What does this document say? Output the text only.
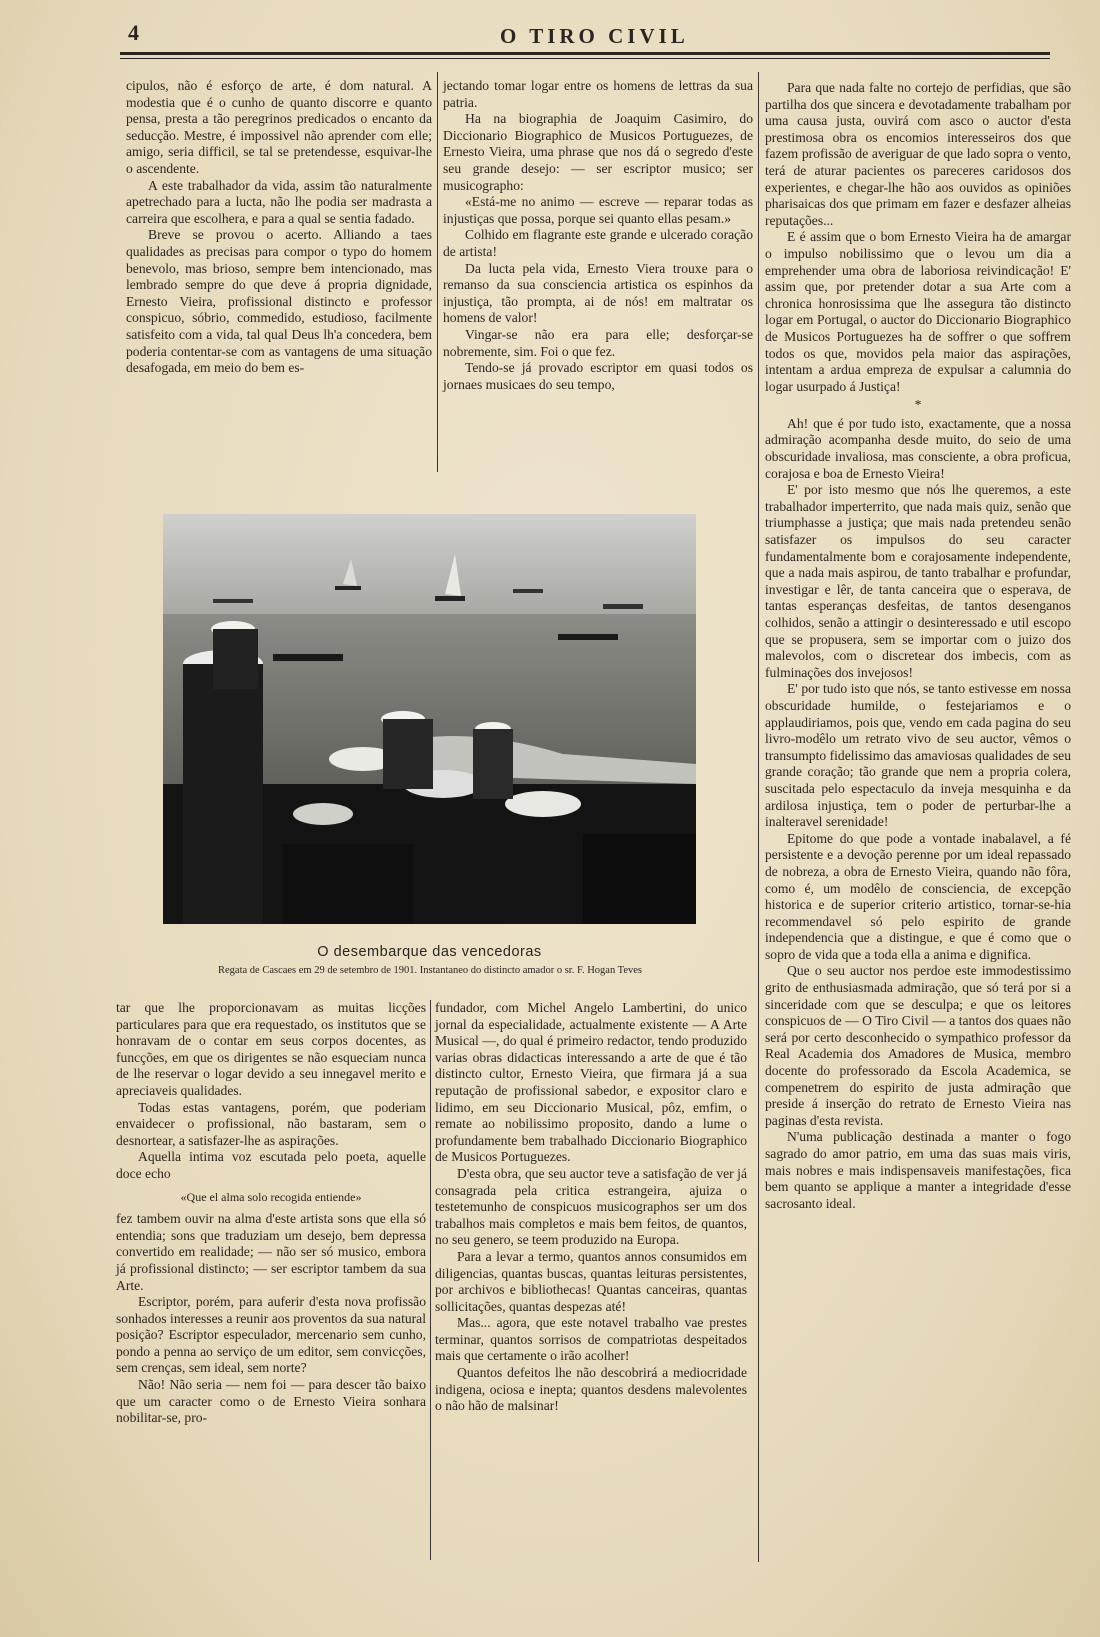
4	O TIRO CIVIL

cipulos, não é esforço de arte, é dom natural. A modestia que é o cunho de quanto discorre e quanto pensa, presta a tão peregrinos predicados o encanto da seducção. Mestre, é impossivel não aprender com elle; amigo, seria difficil, se tal se pretendesse, esquivar-lhe o ascendente.

A este trabalhador da vida, assim tão naturalmente apetrechado para a lucta, não lhe podia ser madrasta a carreira que escolhera, e para a qual se sentia fadado.

Breve se provou o acerto. Alliando a taes qualidades as precisas para compor o typo do homem benevolo, mas brioso, sempre bem intencionado, mas lembrado sempre do que deve á propria dignidade, Ernesto Vieira, profissional distincto e professor conspicuo, sóbrio, commedido, estudioso, facilmente satisfeito com a vida, tal qual Deus lh'a concedera, bem poderia contentar-se com as vantagens de uma situação desafogada, em meio do bem es-

jectando tomar logar entre os homens de lettras da sua patria.

Ha na biographia de Joaquim Casimiro, do Diccionario Biographico de Musicos Portuguezes, de Ernesto Vieira, uma phrase que nos dá o segredo d'este seu grande desejo: — ser escriptor musico; ser musicographo:

«Está-me no animo — escreve — reparar todas as injustiças que possa, porque sei quanto ellas pesam.»

Colhido em flagrante este grande e ulcerado coração de artista!

Da lucta pela vida, Ernesto Viera trouxe para o remanso da sua consciencia artistica os espinhos da injustiça, tão prompta, ai de nós! em maltratar os homens de valor!

Vingar-se não era para elle; desforçar-se nobremente, sim. Foi o que fez.

Tendo-se já provado escriptor em quasi todos os jornaes musicaes do seu tempo,

Para que nada falte no cortejo de perfidias, que são partilha dos que sincera e devotadamente trabalham por uma causa justa, ouvirá com asco o auctor d'esta prestimosa obra os encomios interesseiros dos que fazem profissão de averiguar de que lado sopra o vento, terá de aturar pacientes os pareceres caridosos dos experientes, e chegar-lhe hão aos ouvidos as opiniões pharisaicas dos que primam em fazer e desfazer alheias reputações...

E é assim que o bom Ernesto Vieira ha de amargar o impulso nobilissimo que o levou um dia a emprehender uma obra de laboriosa reivindicação! E' assim que, por pretender dotar a sua Arte com a chronica honrosissima que lhe assegura tão distincto logar em Portugal, o auctor do Diccionario Biographico de Musicos Portuguezes ha de soffrer o que soffrem todos os que, movidos pela maior das aspirações, intentam a ardua empreza de expulsar a calumnia do logar usurpado á Justiça!

*

Ah! que é por tudo isto, exactamente, que a nossa admiração acompanha desde muito, do seio de uma obscuridade invaliosa, mas consciente, a obra proficua, corajosa e boa de Ernesto Vieira!

E' por isto mesmo que nós lhe queremos, a este trabalhador imperterrito, que nada mais quiz, senão que triumphasse a justiça; que mais nada pretendeu senão satisfazer os impulsos do seu caracter fundamentalmente bom e corajosamente independente, que a nada mais aspirou, de tanto trabalhar e profundar, investigar e lêr, de tanta canceira que o esperava, de tantas esperanças desfeitas, de tantos desenganos colhidos, senão a attingir o desinteressado e util escopo que se propusera, sem se importar com o juizo dos malevolos, com o discretear dos imbecis, com as fulminações dos invejosos!

E' por tudo isto que nós, se tanto estivesse em nossa obscuridade humilde, o festejariamos e o applaudiriamos, pois que, vendo em cada pagina do seu livro-modêlo um retrato vivo de seu auctor, vêmos o transumpto fidelissimo das amaviosas qualidades de seu grande coração; tão grande que nem a propria colera, suscitada pelo espectaculo da inveja mesquinha e da ardilosa injustiça, tem o poder de perturbar-lhe a inalteravel serenidade!

Epitome do que pode a vontade inabalavel, a fé persistente e a devoção perenne por um ideal repassado de nobreza, a obra de Ernesto Vieira, quando não fôra, como é, um modêlo de consciencia, de excepção historica e de superior criterio artistico, tornar-se-hia recommendavel só pelo espirito de grande independencia que a distingue, e que é como que o sopro de vida que a toda ella a anima e dignifica.

Que o seu auctor nos perdoe este immodestissimo grito de enthusiasmada admiração, que só terá por si a sinceridade com que se desculpa; e que os leitores conspicuos de — O Tiro Civil — a tantos dos quaes não será por certo desconhecido o sympathico professor da Real Academia dos Amadores de Musica, membro docente do professorado da Escola Academica, se compenetrem do espirito de justa admiração que preside á inserção do retrato de Ernesto Vieira nas paginas d'esta revista.

N'uma publicação destinada a manter o fogo sagrado do amor patrio, em uma das suas mais viris, mais nobres e mais indispensaveis manifestações, fica bem quanto se applique a manter a integridade d'esse sacrosanto ideal.

O desembarque das vencedoras
Regata de Cascaes em 29 de setembro de 1901. Instantaneo do distincto amador o sr. F. Hogan Teves

tar que lhe proporcionavam as muitas licções particulares para que era requestado, os institutos que se honravam de o contar em seus corpos docentes, as funcções, em que os dirigentes se não esqueciam nunca de lhe reservar o logar devido a seu innegavel merito e apreciaveis qualidades.

Todas estas vantagens, porém, que poderiam envaidecer o profissional, não bastaram, sem o desnortear, a satisfazer-lhe as aspirações.

Aquella intima voz escutada pelo poeta, aquelle doce echo

«Que el alma solo recogida entiende»

fez tambem ouvir na alma d'este artista sons que ella só entendia; sons que traduziam um desejo, bem depressa convertido em realidade; — não ser só musico, embora já profissional distincto; — ser escriptor tambem da sua Arte.

Escriptor, porém, para auferir d'esta nova profissão sonhados interesses a reunir aos proventos da sua natural posição? Escriptor especulador, mercenario sem cunho, pondo a penna ao serviço de um editor, sem convicções, sem crenças, sem ideal, sem norte?

Não! Não seria — nem foi — para descer tão baixo que um caracter como o de Ernesto Vieira sonhara nobilitar-se, pro-

fundador, com Michel Angelo Lambertini, do unico jornal da especialidade, actualmente existente — A Arte Musical —, do qual é primeiro redactor, tendo produzido varias obras didacticas interessando a arte de que é tão distincto cultor, Ernesto Vieira, que firmara já a sua reputação de profissional sabedor, e expositor claro e lidimo, em seu Diccionario Musical, pôz, emfim, o remate ao nobilissimo proposito, dando a lume o profundamente bem trabalhado Diccionario Biographico de Musicos Portuguezes.

D'esta obra, que seu auctor teve a satisfação de ver já consagrada pela critica estrangeira, ajuiza o testetemunho de conspicuos musicographos ser um dos trabalhos mais completos e mais bem feitos, de quantos, no seu genero, se teem produzido na Europa.

Para a levar a termo, quantos annos consumidos em diligencias, quantas buscas, quantas leituras persistentes, por archivos e bibliothecas! Quantas canceiras, quantas sollicitações, quantas despezas até!

Mas... agora, que este notavel trabalho vae prestes terminar, quantos sorrisos de compatriotas despeitados mais que certamente o irão acolher!

Quantos defeitos lhe não descobrirá a mediocridade indigena, ociosa e inepta; quantos desdens malevolentes o não hão de malsinar!
